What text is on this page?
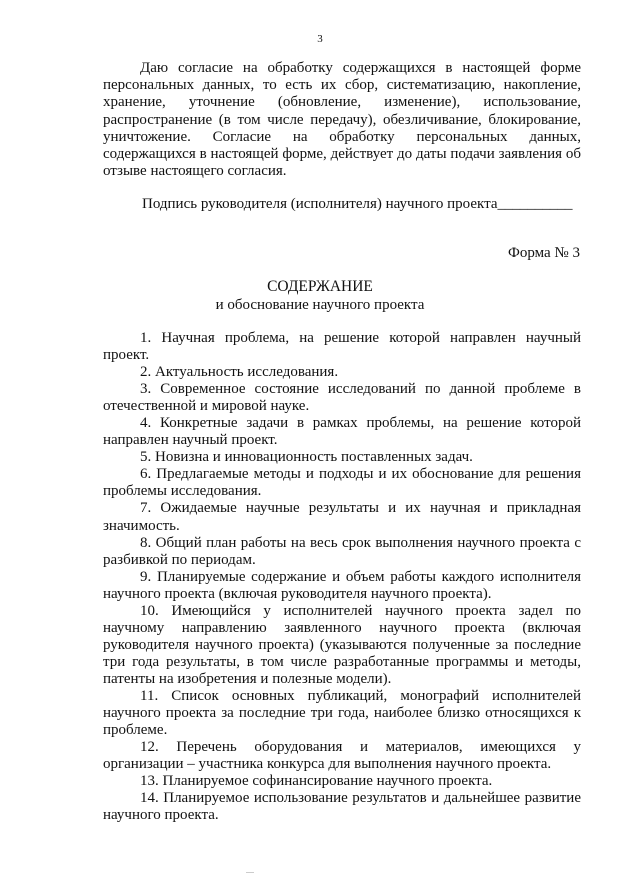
3
Даю согласие на обработку содержащихся в настоящей форме персональных данных, то есть их сбор, систематизацию, накопление, хранение, уточнение (обновление, изменение), использование, распространение (в том числе передачу), обезличивание, блокирование, уничтожение. Согласие на обработку персональных данных, содержащихся в настоящей форме, действует до даты подачи заявления об отзыве настоящего согласия.
Подпись руководителя (исполнителя) научного проекта__________
Форма № 3
СОДЕРЖАНИЕ
и обоснование научного проекта
1. Научная проблема, на решение которой направлен научный проект.
2. Актуальность исследования.
3. Современное состояние исследований по данной проблеме в отечественной и мировой науке.
4. Конкретные задачи в рамках проблемы, на решение которой направлен научный проект.
5. Новизна и инновационность поставленных задач.
6. Предлагаемые методы и подходы и их обоснование для решения проблемы исследования.
7. Ожидаемые научные результаты и их научная и прикладная значимость.
8. Общий план работы на весь срок выполнения научного проекта с разбивкой по периодам.
9. Планируемые содержание и объем работы каждого исполнителя научного проекта (включая руководителя научного проекта).
10. Имеющийся у исполнителей научного проекта задел по научному направлению заявленного научного проекта (включая руководителя научного проекта) (указываются полученные за последние три года результаты, в том числе разработанные программы и методы, патенты на изобретения и полезные модели).
11. Список основных публикаций, монографий исполнителей научного проекта за последние три года, наиболее близко относящихся к проблеме.
12. Перечень оборудования и материалов, имеющихся у организации – участника конкурса для выполнения научного проекта.
13. Планируемое софинансирование научного проекта.
14. Планируемое использование результатов и дальнейшее развитие научного проекта.
